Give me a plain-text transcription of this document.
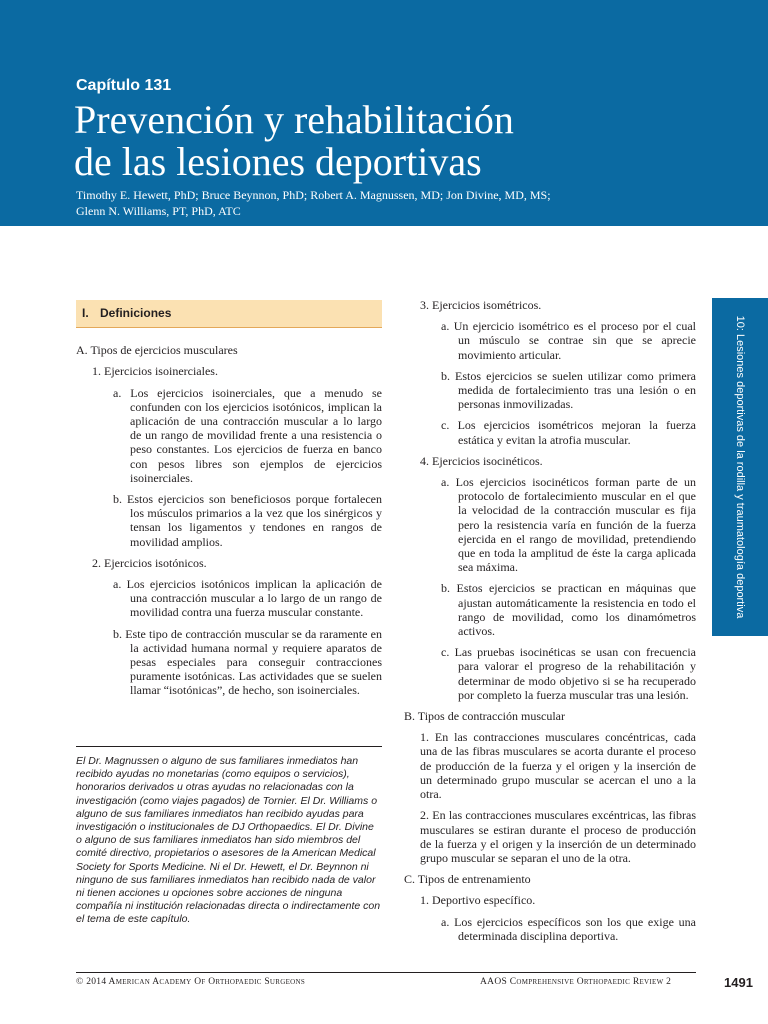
Capítulo 131
Prevención y rehabilitación
de las lesiones deportivas
Timothy E. Hewett, PhD; Bruce Beynnon, PhD; Robert A. Magnussen, MD; Jon Divine, MD, MS;
Glenn N. Williams, PT, PhD, ATC
10: Lesiones deportivas de la rodilla y traumatología deportiva
I. Definiciones

A. Tipos de ejercicios musculares

1. Ejercicios isoinerciales.

a. Los ejercicios isoinerciales, que a menudo se confunden con los ejercicios isotónicos, implican la aplicación de una contracción muscular a lo largo de un rango de movilidad frente a una resistencia o peso constantes. Los ejercicios de fuerza en banco con pesos libres son ejemplos de ejercicios isoinerciales.

b. Estos ejercicios son beneficiosos porque fortalecen los músculos primarios a la vez que los sinérgicos y tensan los ligamentos y tendones en rangos de movilidad amplios.

2. Ejercicios isotónicos.

a. Los ejercicios isotónicos implican la aplicación de una contracción muscular a lo largo de un rango de movilidad contra una fuerza muscular constante.

b. Este tipo de contracción muscular se da raramente en la actividad humana normal y requiere aparatos de pesas especiales para conseguir contracciones puramente isotónicas. Las actividades que se suelen llamar “isotónicas”, de hecho, son isoinerciales.

3. Ejercicios isométricos.

a. Un ejercicio isométrico es el proceso por el cual un músculo se contrae sin que se aprecie movimiento articular.

b. Estos ejercicios se suelen utilizar como primera medida de fortalecimiento tras una lesión o en personas inmovilizadas.

c. Los ejercicios isométricos mejoran la fuerza estática y evitan la atrofia muscular.

4. Ejercicios isocinéticos.

a. Los ejercicios isocinéticos forman parte de un protocolo de fortalecimiento muscular en el que la velocidad de la contracción muscular es fija pero la resistencia varía en función de la fuerza ejercida en el rango de movilidad, pretendiendo que en toda la amplitud de éste la carga aplicada sea máxima.

b. Estos ejercicios se practican en máquinas que ajustan automáticamente la resistencia en todo el rango de movilidad, como los dinamómetros activos.

c. Las pruebas isocinéticas se usan con frecuencia para valorar el progreso de la rehabilitación y determinar de modo objetivo si se ha recuperado por completo la fuerza muscular tras una lesión.

B. Tipos de contracción muscular

1. En las contracciones musculares concéntricas, cada una de las fibras musculares se acorta durante el proceso de producción de la fuerza y el origen y la inserción de un determinado grupo muscular se acercan el uno a la otra.

2. En las contracciones musculares excéntricas, las fibras musculares se estiran durante el proceso de producción de la fuerza y el origen y la inserción de un determinado grupo muscular se separan el uno de la otra.

C. Tipos de entrenamiento

1. Deportivo específico.

a. Los ejercicios específicos son los que exige una determinada disciplina deportiva.

El Dr. Magnussen o alguno de sus familiares inmediatos han recibido ayudas no monetarias (como equipos o servicios), honorarios derivados u otras ayudas no relacionadas con la investigación (como viajes pagados) de Tornier. El Dr. Williams o alguno de sus familiares inmediatos han recibido ayudas para investigación o institucionales de DJ Orthopaedics. El Dr. Divine o alguno de sus familiares inmediatos han sido miembros del comité directivo, propietarios o asesores de la American Medical Society for Sports Medicine. Ni el Dr. Hewett, el Dr. Beynnon ni ninguno de sus familiares inmediatos han recibido nada de valor ni tienen acciones u opciones sobre acciones de ninguna compañía ni institución relacionadas directa o indirectamente con el tema de este capítulo.
© 2014 American Academy Of Orthopaedic Surgeons	AAOS Comprehensive Orthopaedic Review 2	1491
